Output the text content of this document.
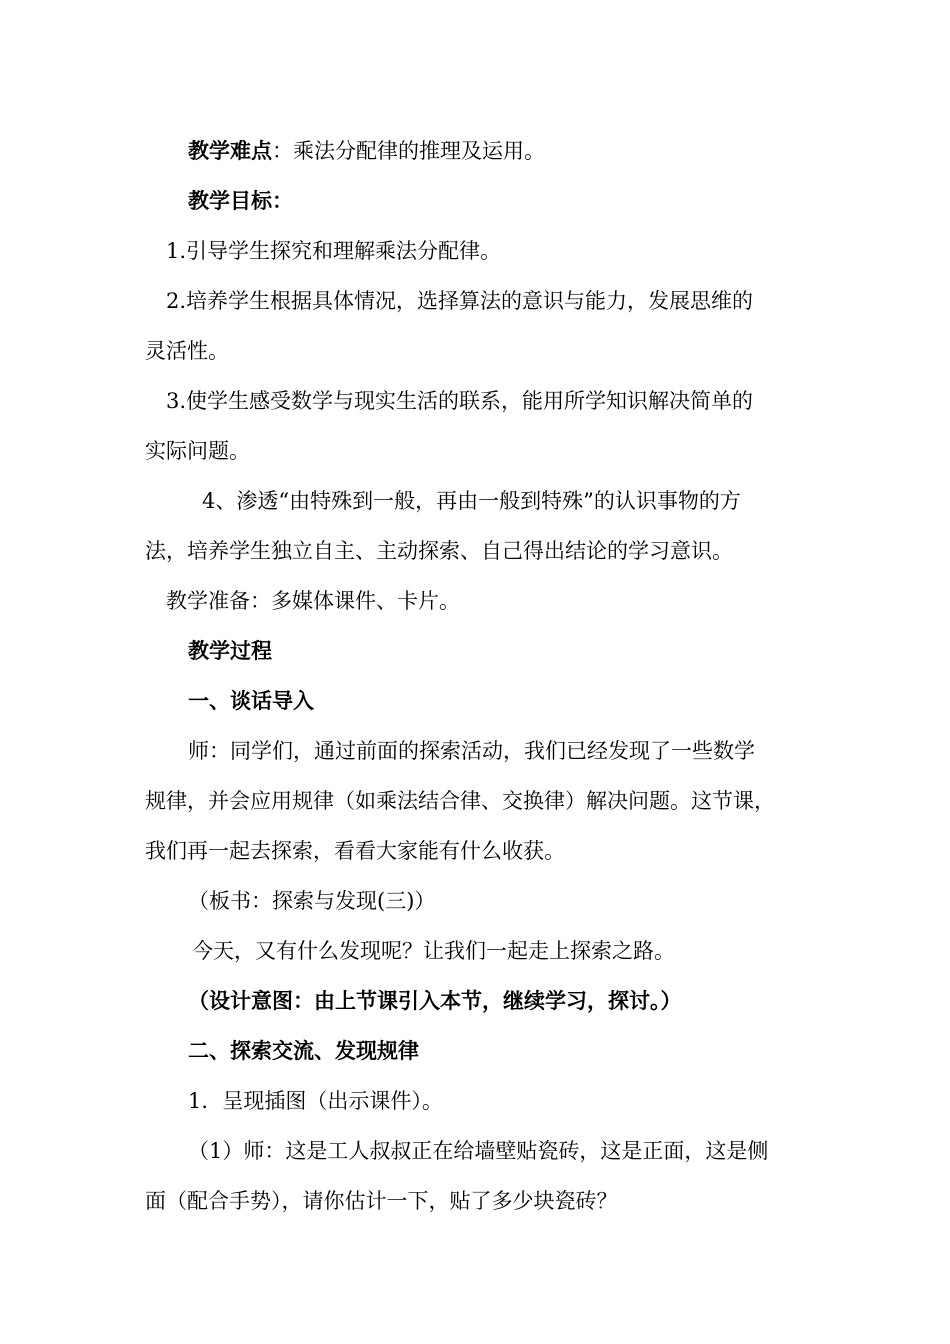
教学难点：乘法分配律的推理及运用。
教学目标：
1.引导学生探究和理解乘法分配律。
2.培养学生根据具体情况，选择算法的意识与能力，发展思维的
灵活性。
3.使学生感受数学与现实生活的联系，能用所学知识解决简单的
实际问题。
4、渗透“由特殊到一般，再由一般到特殊”的认识事物的方
法，培养学生独立自主、主动探索、自己得出结论的学习意识。
教学准备：多媒体课件、卡片。
教学过程
一、谈话导入
师：同学们，通过前面的探索活动，我们已经发现了一些数学
规律，并会应用规律（如乘法结合律、交换律）解决问题。这节课，
我们再一起去探索，看看大家能有什么收获。
（板书：探索与发现(三)）
今天，又有什么发现呢？让我们一起走上探索之路。
（设计意图：由上节课引入本节，继续学习，探讨。）
二、探索交流、发现规律
1．呈现插图（出示课件）。
（1）师：这是工人叔叔正在给墙壁贴瓷砖，这是正面，这是侧
面（配合手势），请你估计一下，贴了多少块瓷砖？
